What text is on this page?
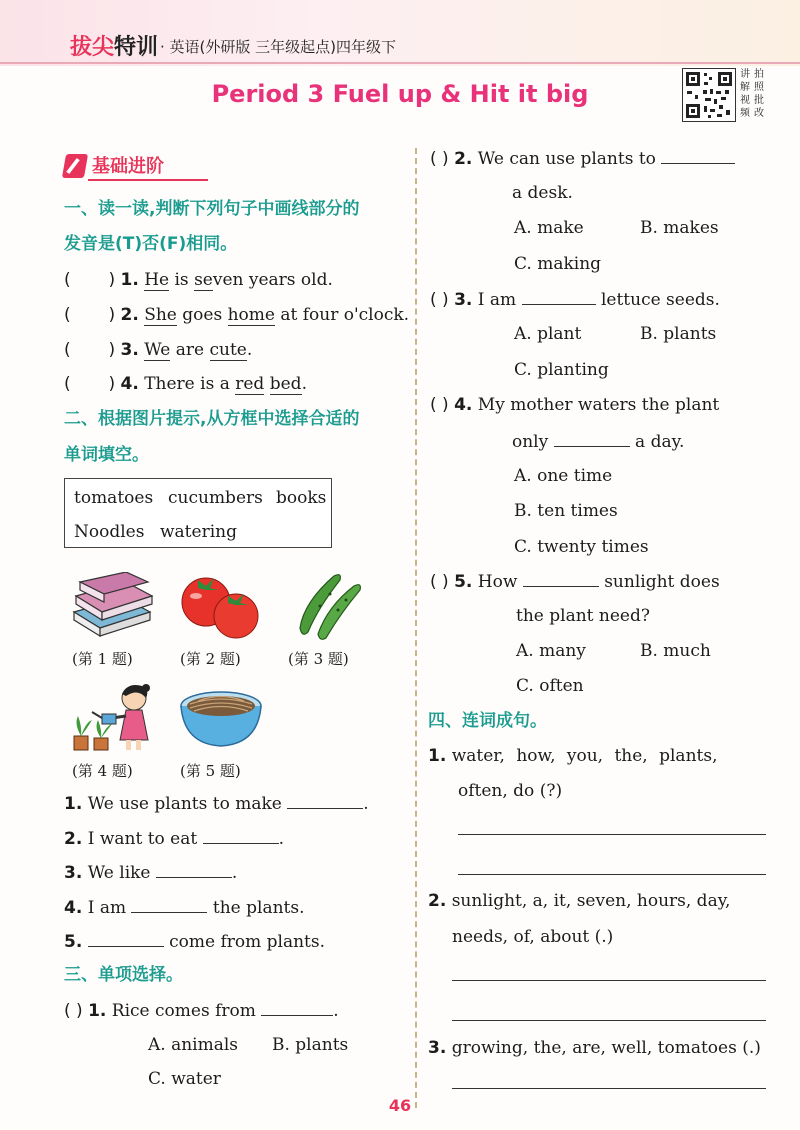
拔尖特训 · 英语(外研版 三年级起点)四年级下
Period 3 Fuel up & Hit it big
讲 拍
解 照
视 批
频 改
基础进阶
一、读一读,判断下列句子中画线部分的
发音是(T)否(F)相同。
(       ) 1. He is seven years old.
(       ) 2. She goes home at four o'clock.
(       ) 3. We are cute.
(       ) 4. There is a red bed.
二、根据图片提示,从方框中选择合适的
单词填空。
tomatoes cucumbers books
Noodles watering
(第 1 题)	(第 2 题)	(第 3 题)
(第 4 题)	(第 5 题)
1. We use plants to make	.
2. I want to eat	.
3. We like	.
4. I am	the plants.
5.	come from plants.
三、单项选择。
( ) 1. Rice comes from	.
A. animals B. plants
C. water
( ) 2. We can use plants to
a desk.
A. make	B. makes
C. making
( ) 3. I am	lettuce seeds.
A. plant	B. plants
C. planting
( ) 4. My mother waters the plant
only	a day.
A. one time
B. ten times
C. twenty times
( ) 5. How	sunlight does
the plant need?
A. many	B. much
C. often
四、连词成句。
1. water, how, you, the, plants,
often, do (?)
2. sunlight, a, it, seven, hours, day,
needs, of, about (.)
3. growing, the, are, well, tomatoes (.)
46
